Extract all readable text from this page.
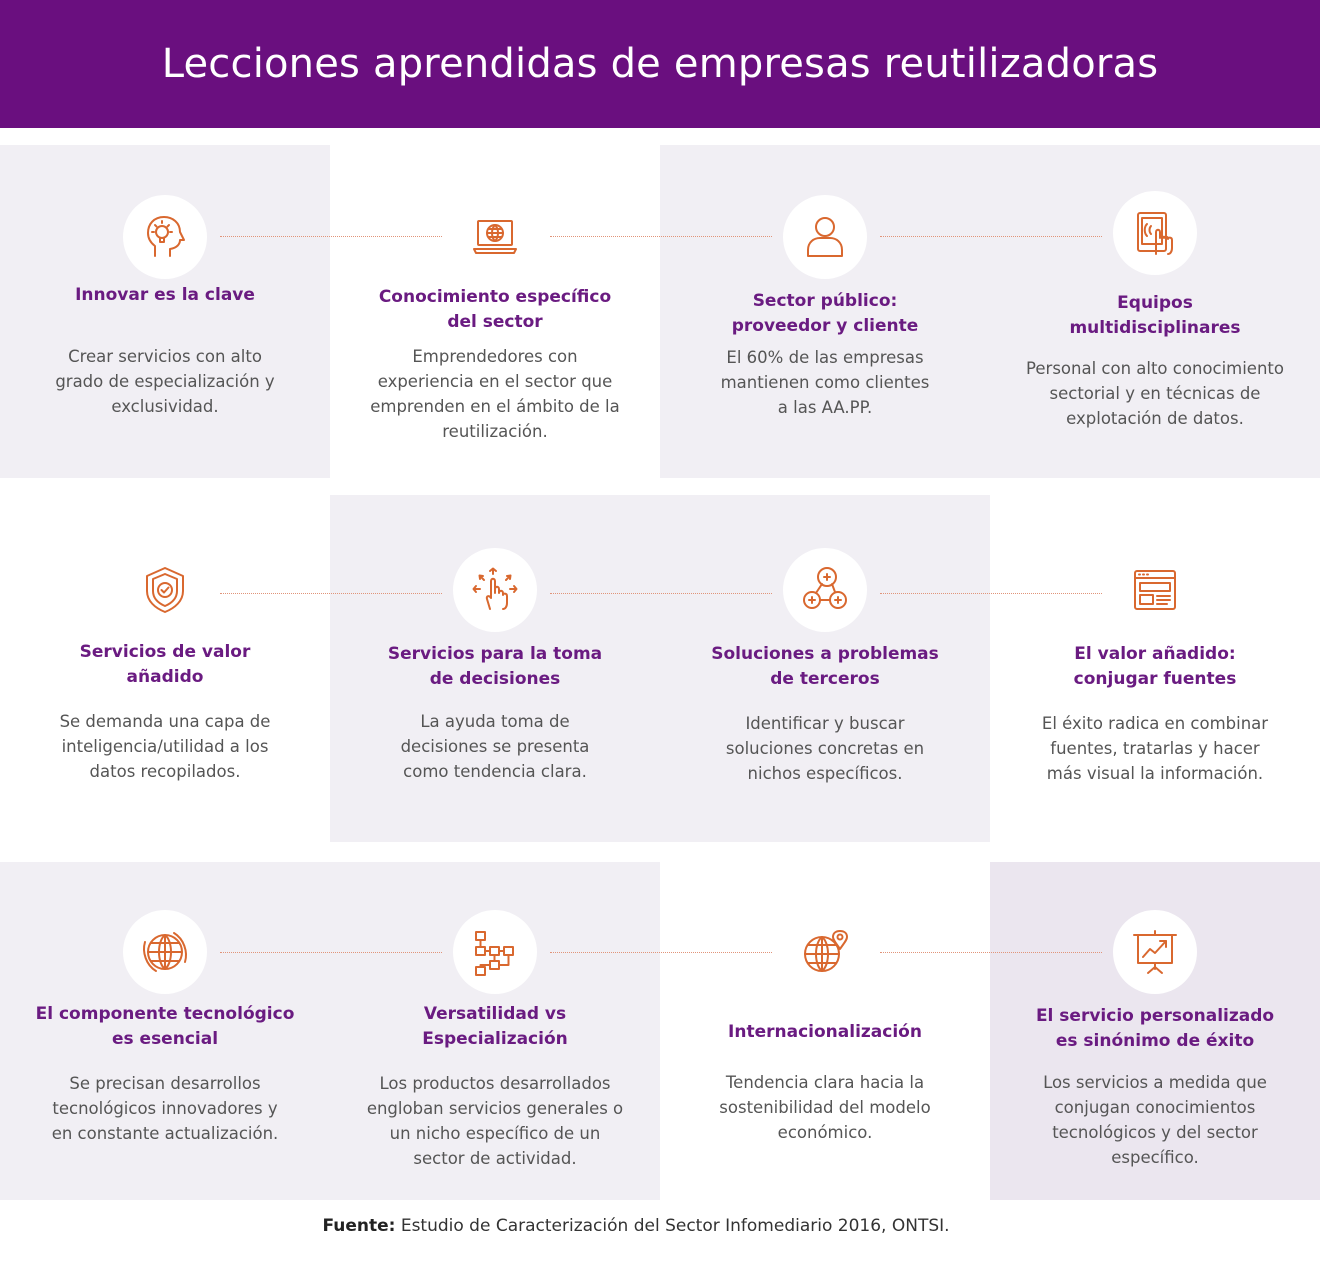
Lecciones aprendidas de empresas reutilizadoras
Innovar es la clave
Crear servicios con alto
grado de especialización y
exclusividad.
Conocimiento específico
del sector
Emprendedores con
experiencia en el sector que
emprenden en el ámbito de la
reutilización.
Sector público:
proveedor y cliente
El 60% de las empresas
mantienen como clientes
a las AA.PP.
Equipos
multidisciplinares
Personal con alto conocimiento
sectorial y en técnicas de
explotación de datos.
Servicios de valor
añadido
Se demanda una capa de
inteligencia/utilidad a los
datos recopilados.
Servicios para la toma
de decisiones
La ayuda toma de
decisiones se presenta
como tendencia clara.
Soluciones a problemas
de terceros
Identificar y buscar
soluciones concretas en
nichos específicos.
El valor añadido:
conjugar fuentes
El éxito radica en combinar
fuentes, tratarlas y hacer
más visual la información.
El componente tecnológico
es esencial
Se precisan desarrollos
tecnológicos innovadores y
en constante actualización.
Versatilidad vs
Especialización
Los productos desarrollados
engloban servicios generales o
un nicho específico de un
sector de actividad.
Internacionalización
Tendencia clara hacia la
sostenibilidad del modelo
económico.
El servicio personalizado
es sinónimo de éxito
Los servicios a medida que
conjugan conocimientos
tecnológicos y del sector
específico.
Fuente: Estudio de Caracterización del Sector Infomediario 2016, ONTSI.
